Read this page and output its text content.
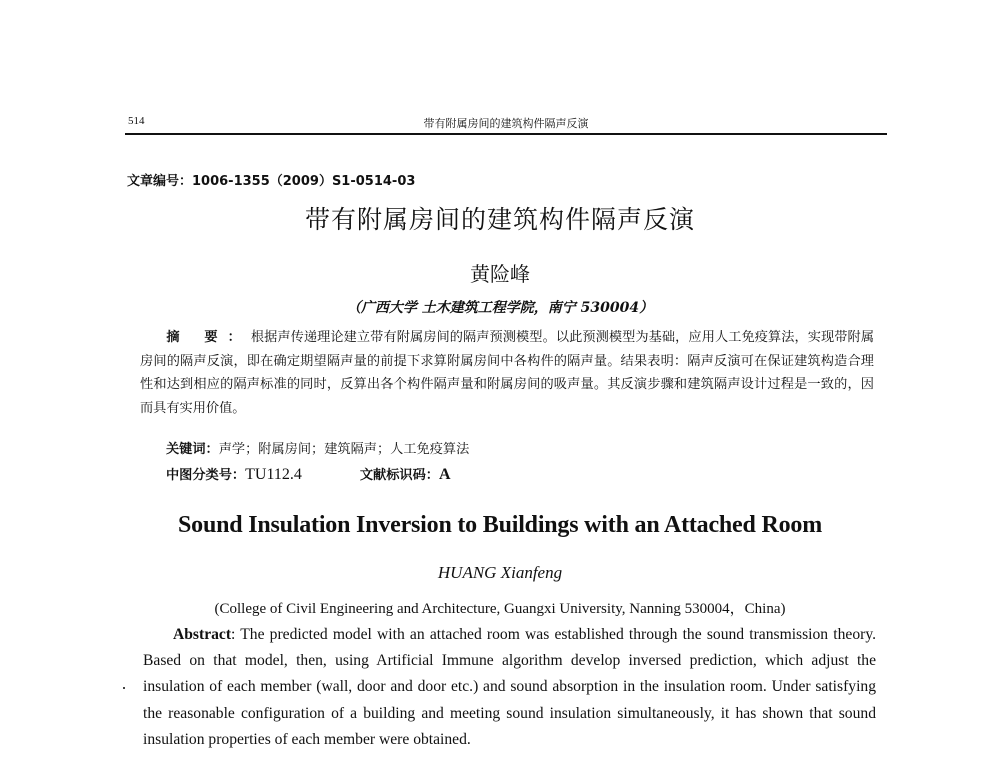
514	带有附属房间的建筑构件隔声反演
文章编号：1006-1355（2009）S1-0514-03
带有附属房间的建筑构件隔声反演
黄险峰
（广西大学 土木建筑工程学院，南宁 530004）
摘 要：根据声传递理论建立带有附属房间的隔声预测模型。以此预测模型为基础，应用人工免疫算法，实现带附属房间的隔声反演，即在确定期望隔声量的前提下求算附属房间中各构件的隔声量。结果表明：隔声反演可在保证建筑构造合理性和达到相应的隔声标准的同时，反算出各个构件隔声量和附属房间的吸声量。其反演步骤和建筑隔声设计过程是一致的，因而具有实用价值。
关键词：声学；附属房间；建筑隔声；人工免疫算法
中图分类号：TU112.4	文献标识码：A
Sound Insulation Inversion to Buildings with an Attached Room
HUANG Xianfeng
(College of Civil Engineering and Architecture, Guangxi University, Nanning 530004，China)
Abstract: The predicted model with an attached room was established through the sound transmission theory. Based on that model, then, using Artificial Immune algorithm develop inversed prediction, which adjust the insulation of each member (wall, door and door etc.) and sound absorption in the insulation room. Under satisfying the reasonable configuration of a building and meeting sound insulation simultaneously, it has shown that sound insulation properties of each member were obtained.
